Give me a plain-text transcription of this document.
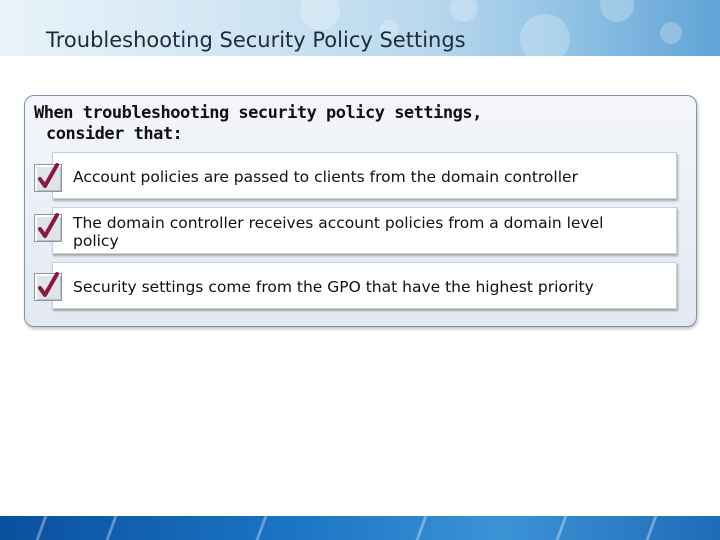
Troubleshooting Security Policy Settings
When troubleshooting security policy settings,
consider that:
Account policies are passed to clients from the domain controller
The domain controller receives account policies from a domain level policy
Security settings come from the GPO that have the highest priority
